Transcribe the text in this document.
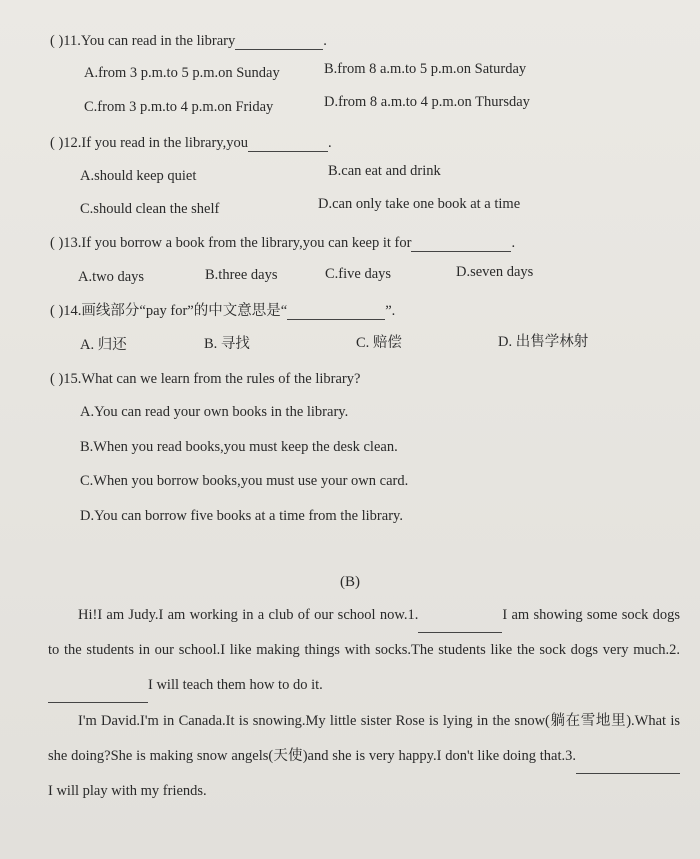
( )11.You can read in the library	.
A.from 3 p.m.to 5 p.m.on Sunday	B.from 8 a.m.to 5 p.m.on Saturday
C.from 3 p.m.to 4 p.m.on Friday	D.from 8 a.m.to 4 p.m.on Thursday
( )12.If you read in the library,you	.
A.should keep quiet	B.can eat and drink
C.should clean the shelf	D.can only take one book at a time
( )13.If you borrow a book from the library,you can keep it for	.
A.two days	B.three days	C.five days	D.seven days
( )14.画线部分“pay for”的中文意思是“	”.
A. 归还	B. 寻找	C. 赔偿	D. 出售学林射
( )15.What can we learn from the rules of the library?
A.You can read your own books in the library.
B.When you read books,you must keep the desk clean.
C.When you borrow books,you must use your own card.
D.You can borrow five books at a time from the library.
(B)
Hi!I am Judy.I am working in a club of our school now.1.	I am showing some sock dogs to the students in our school.I like making things with socks.The students like the sock dogs very much.2.I will teach them how to do it.
I'm David.I'm in Canada.It is snowing.My little sister Rose is lying in the snow(躺在雪地里).What is she doing?She is making snow angels(天使)and she is very happy.I don't like doing that.3.I will play with my friends.
